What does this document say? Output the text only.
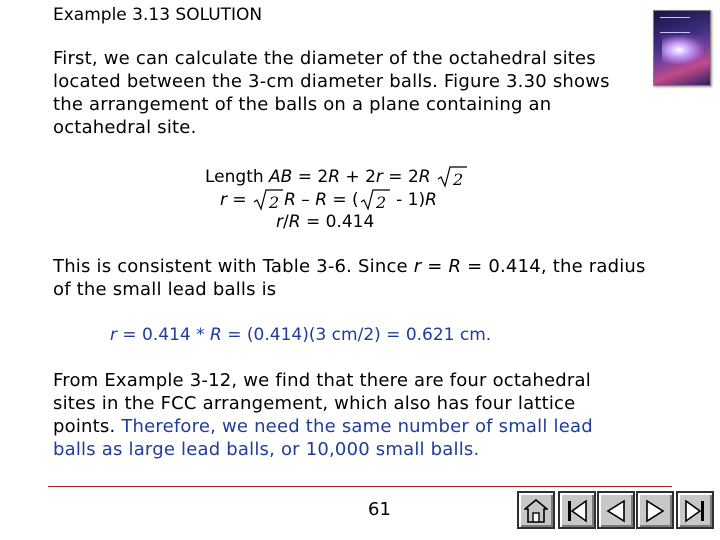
Example 3.13 SOLUTION
First, we can calculate the diameter of the octahedral sites located between the 3-cm diameter balls. Figure 3.30 shows the arrangement of the balls on a plane containing an octahedral site.
Length AB = 2R + 2r = 2R 2
r = 2 R – R = ( 2 - 1)R
r/R = 0.414
This is consistent with Table 3-6. Since r = R = 0.414, the radius of the small lead balls is
r = 0.414 * R = (0.414)(3 cm/2) = 0.621 cm.
From Example 3-12, we find that there are four octahedral sites in the FCC arrangement, which also has four lattice points. Therefore, we need the same number of small lead balls as large lead balls, or 10,000 small balls.
61
